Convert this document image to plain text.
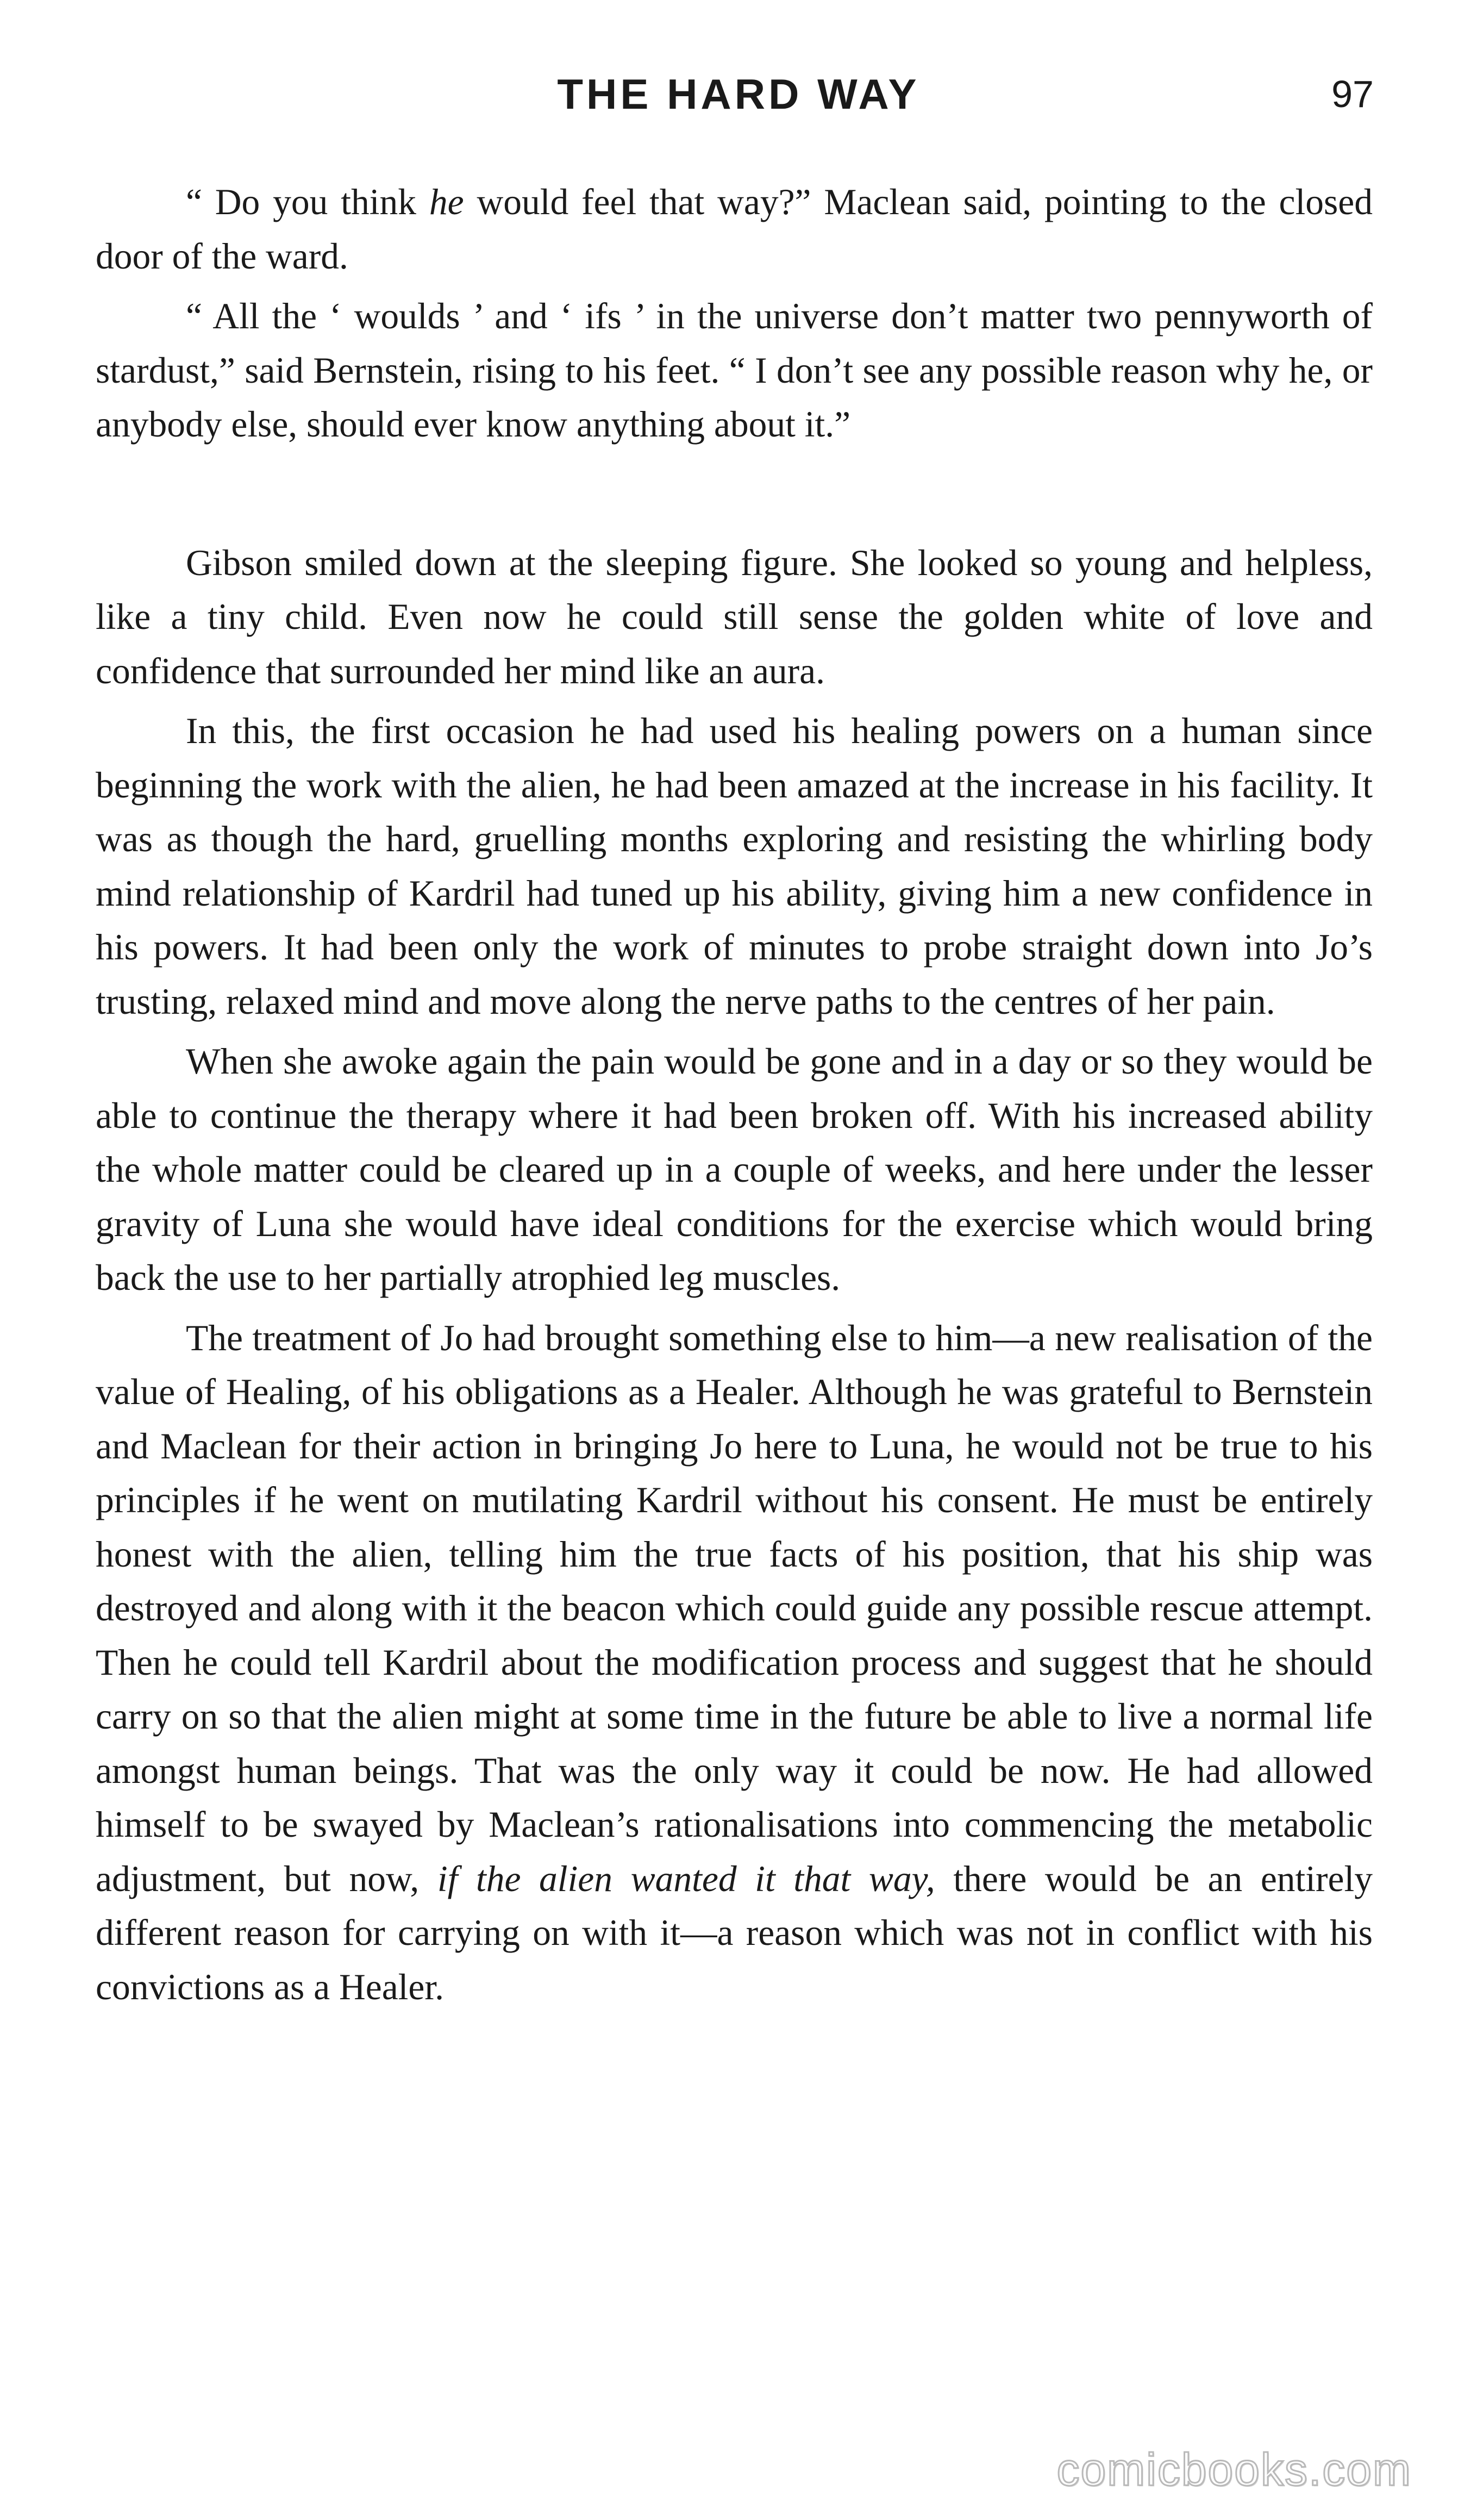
THE HARD WAY	97

“ Do you think he would feel that way?” Maclean said, pointing to the closed door of the ward.

“ All the ‘ woulds ’ and ‘ ifs ’ in the universe don’t matter two pennyworth of stardust,” said Bernstein, rising to his feet. “ I don’t see any possible reason why he, or anybody else, should ever know anything about it.”

Gibson smiled down at the sleeping figure. She looked so young and helpless, like a tiny child. Even now he could still sense the golden white of love and confidence that surrounded her mind like an aura.

In this, the first occasion he had used his healing powers on a human since beginning the work with the alien, he had been amazed at the increase in his facility. It was as though the hard, gruelling months exploring and resisting the whirling body mind relationship of Kardril had tuned up his ability, giving him a new confidence in his powers. It had been only the work of minutes to probe straight down into Jo’s trusting, relaxed mind and move along the nerve paths to the centres of her pain.

When she awoke again the pain would be gone and in a day or so they would be able to continue the therapy where it had been broken off. With his increased ability the whole matter could be cleared up in a couple of weeks, and here under the lesser gravity of Luna she would have ideal conditions for the exercise which would bring back the use to her partially atrophied leg muscles.

The treatment of Jo had brought something else to him—a new realisation of the value of Healing, of his obligations as a Healer. Although he was grateful to Bernstein and Maclean for their action in bringing Jo here to Luna, he would not be true to his principles if he went on mutilating Kardril without his consent. He must be entirely honest with the alien, telling him the true facts of his position, that his ship was destroyed and along with it the beacon which could guide any possible rescue attempt. Then he could tell Kardril about the modification process and suggest that he should carry on so that the alien might at some time in the future be able to live a normal life amongst human beings. That was the only way it could be now. He had allowed himself to be swayed by Maclean’s rationalisations into commencing the metabolic adjustment, but now, if the alien wanted it that way, there would be an entirely different reason for carrying on with it—a reason which was not in conflict with his convictions as a Healer.

comicbooks.com
